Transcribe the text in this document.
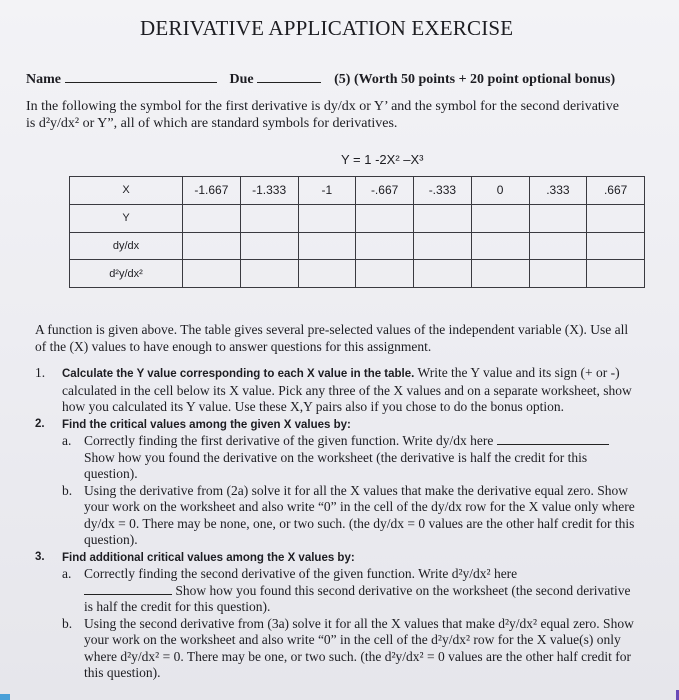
DERIVATIVE APPLICATION EXERCISE
Name	Due	(5) (Worth 50 points + 20 point optional bonus)
In the following the symbol for the first derivative is dy/dx or Y’ and the symbol for the second derivative is d²y/dx² or Y”, all of which are standard symbols for derivatives.
Y = 1 -2X² –X³
X	-1.667	-1.333	-1	-.667	-.333	0	.333	.667
Y								
dy/dx								
d²y/dx²								

A function is given above. The table gives several pre-selected values of the independent variable (X). Use all of the (X) values to have enough to answer questions for this assignment.

1. Calculate the Y value corresponding to each X value in the table. Write the Y value and its sign (+ or -) calculated in the cell below its X value. Pick any three of the X values and on a separate worksheet, show how you calculated its Y value. Use these X,Y pairs also if you chose to do the bonus option.
2. Find the critical values among the given X values by:
a. Correctly finding the first derivative of the given function. Write dy/dx here  Show how you found the derivative on the worksheet (the derivative is half the credit for this question).
b. Using the derivative from (2a) solve it for all the X values that make the derivative equal zero. Show your work on the worksheet and also write “0” in the cell of the dy/dx row for the X value only where dy/dx = 0. There may be none, one, or two such. (the dy/dx = 0 values are the other half credit for this question).
3. Find additional critical values among the X values by:
a. Correctly finding the second derivative of the given function. Write d²y/dx² here
Show how you found this second derivative on the worksheet (the second derivative is half the credit for this question).
b. Using the second derivative from (3a) solve it for all the X values that make d²y/dx² equal zero. Show your work on the worksheet and also write “0” in the cell of the d²y/dx² row for the X value(s) only where d²y/dx² = 0. There may be one, or two such. (the d²y/dx² = 0 values are the other half credit for this question).
